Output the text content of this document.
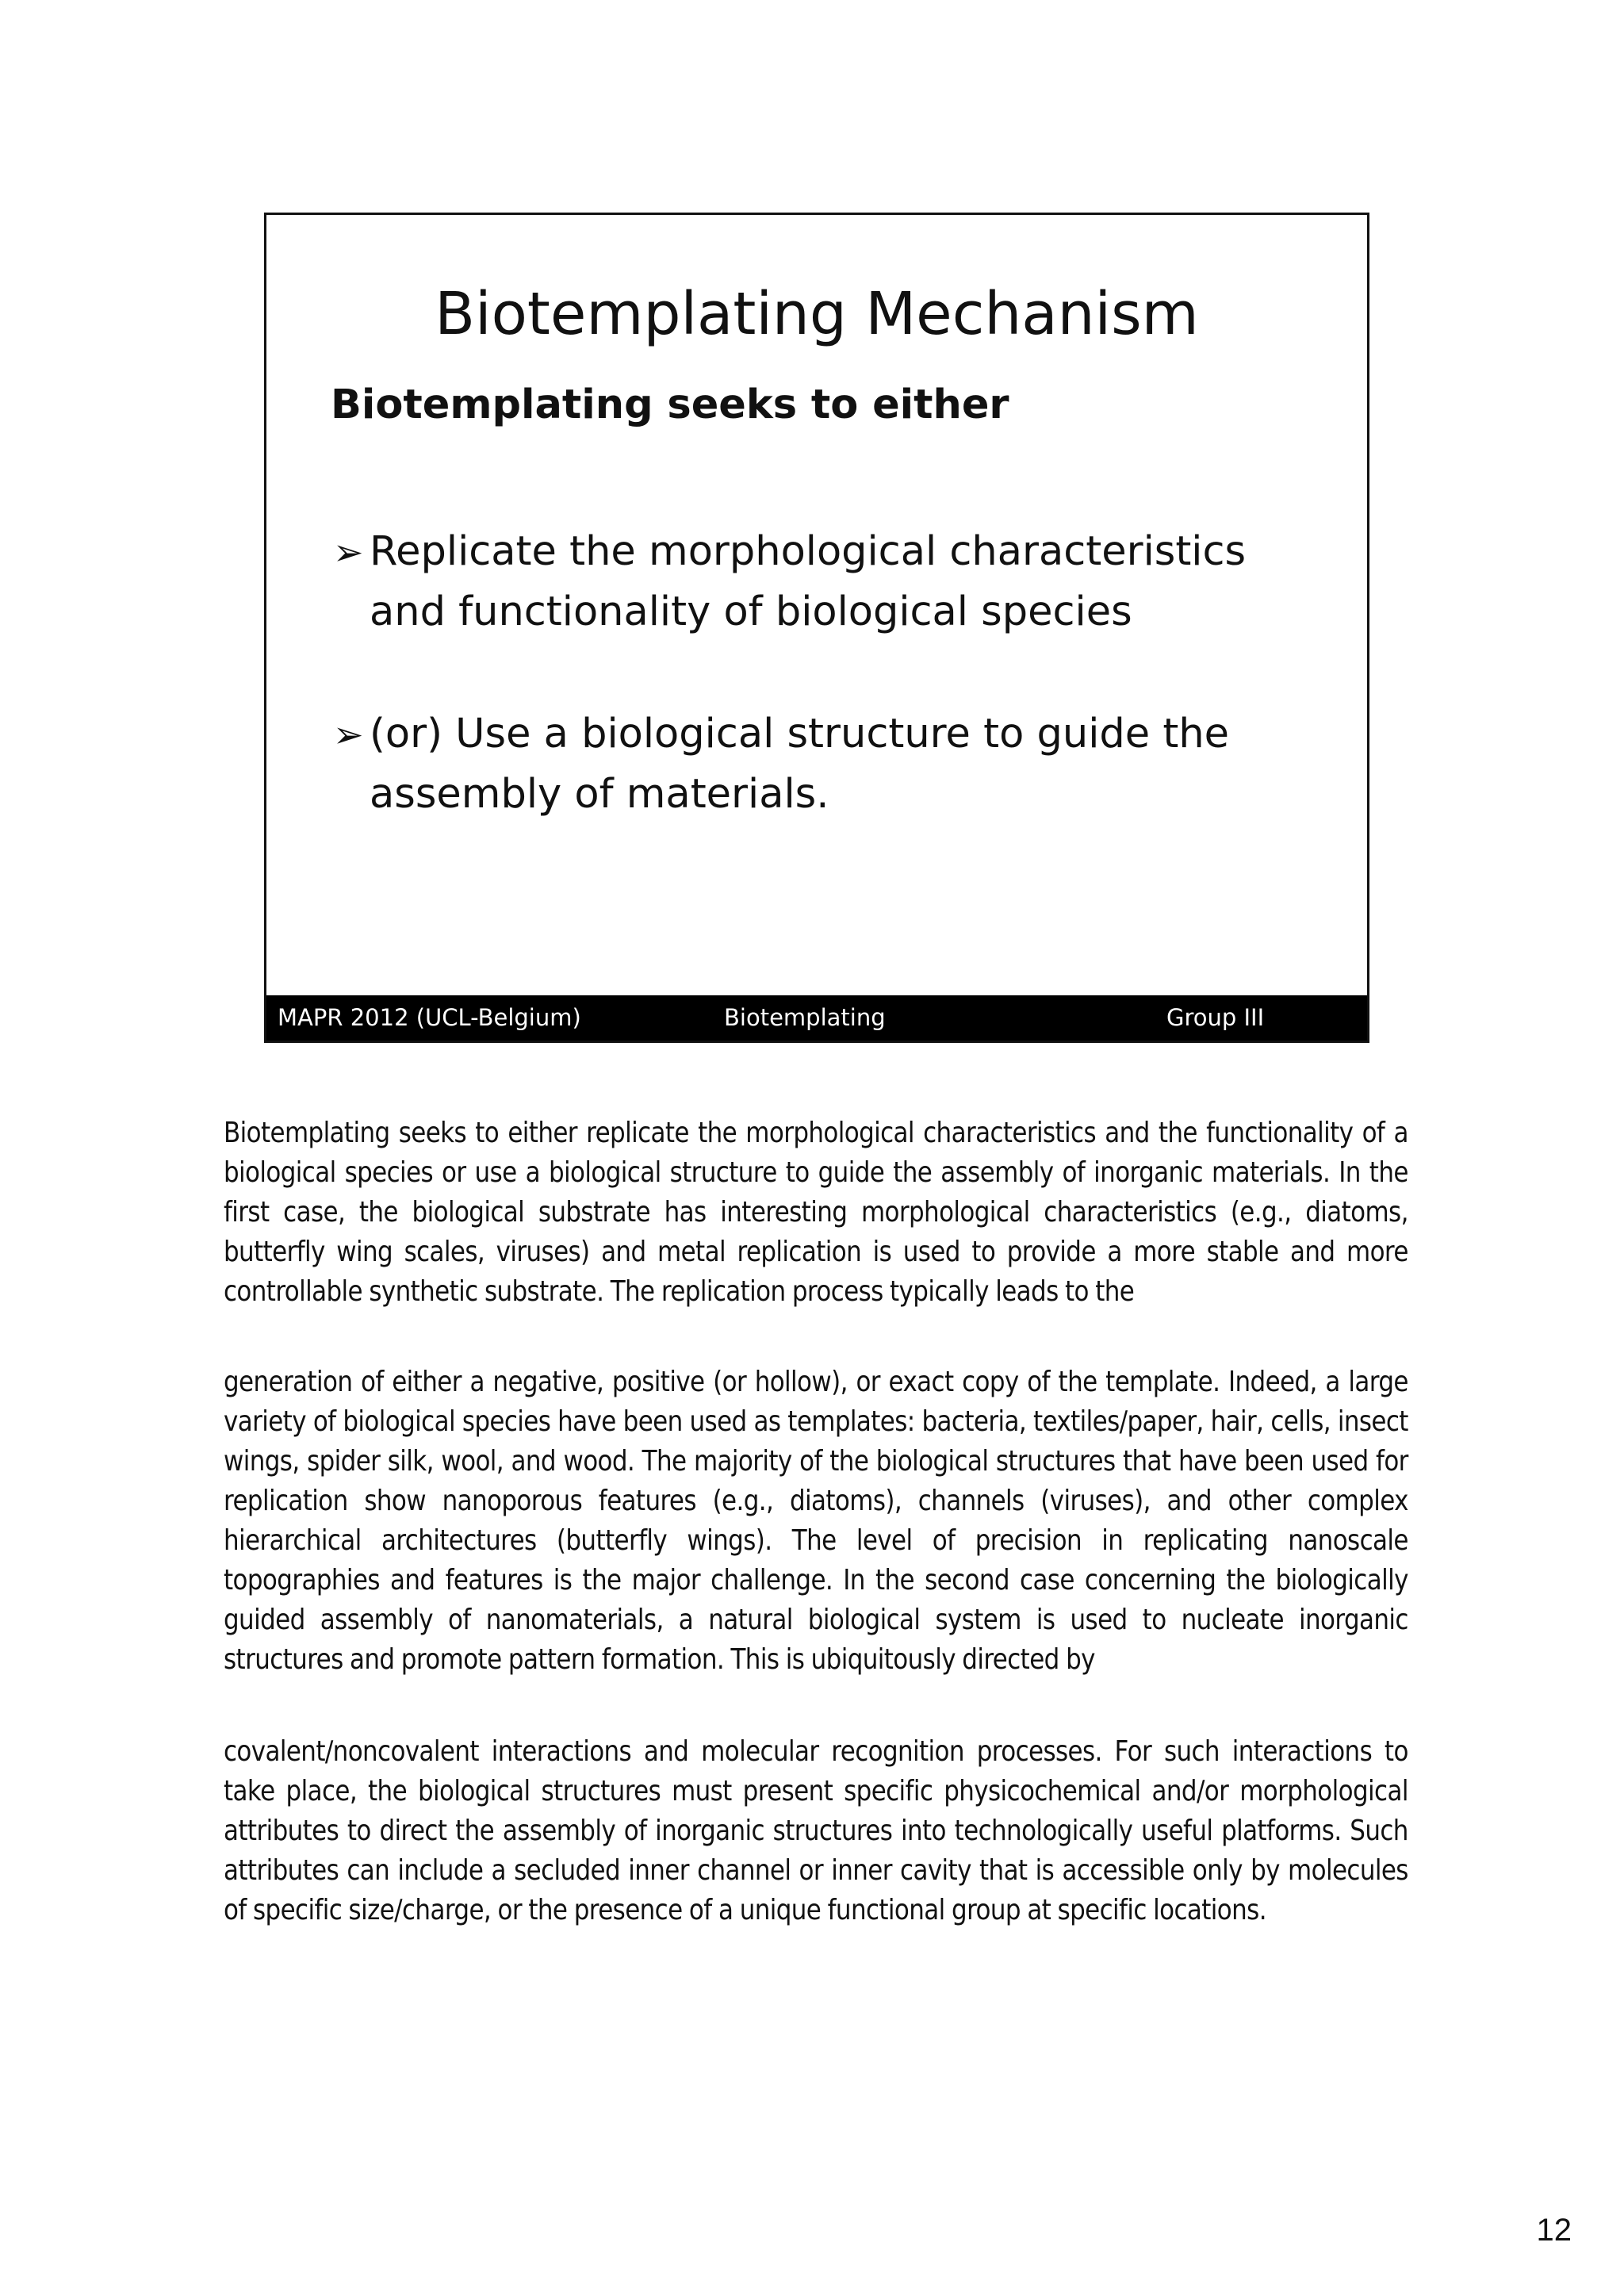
Biotemplating Mechanism
Biotemplating seeks to either
➢ Replicate the morphological characteristics and functionality of biological species
➢ (or) Use a biological structure to guide the assembly of materials.
MAPR 2012 (UCL-Belgium)	Biotemplating	Group III

Biotemplating seeks to either replicate the morphological characteristics and the functionality of a biological species or use a biological structure to guide the assembly of inorganic materials. In the first case, the biological substrate has interesting morphological characteristics (e.g., diatoms, butterfly wing scales, viruses) and metal replication is used to provide a more stable and more controllable synthetic substrate. The replication process typically leads to the

generation of either a negative, positive (or hollow), or exact copy of the template. Indeed, a large variety of biological species have been used as templates: bacteria, textiles/paper, hair, cells, insect wings, spider silk, wool, and wood. The majority of the biological structures that have been used for replication show nanoporous features (e.g., diatoms), channels (viruses), and other complex hierarchical architectures (butterfly wings). The level of precision in replicating nanoscale topographies and features is the major challenge. In the second case concerning the biologically guided assembly of nanomaterials, a natural biological system is used to nucleate inorganic structures and promote pattern formation. This is ubiquitously directed by

covalent/noncovalent interactions and molecular recognition processes. For such interactions to take place, the biological structures must present specific physicochemical and/or morphological attributes to direct the assembly of inorganic structures into technologically useful platforms. Such attributes can include a secluded inner channel or inner cavity that is accessible only by molecules of specific size/charge, or the presence of a unique functional group at specific locations.

12
